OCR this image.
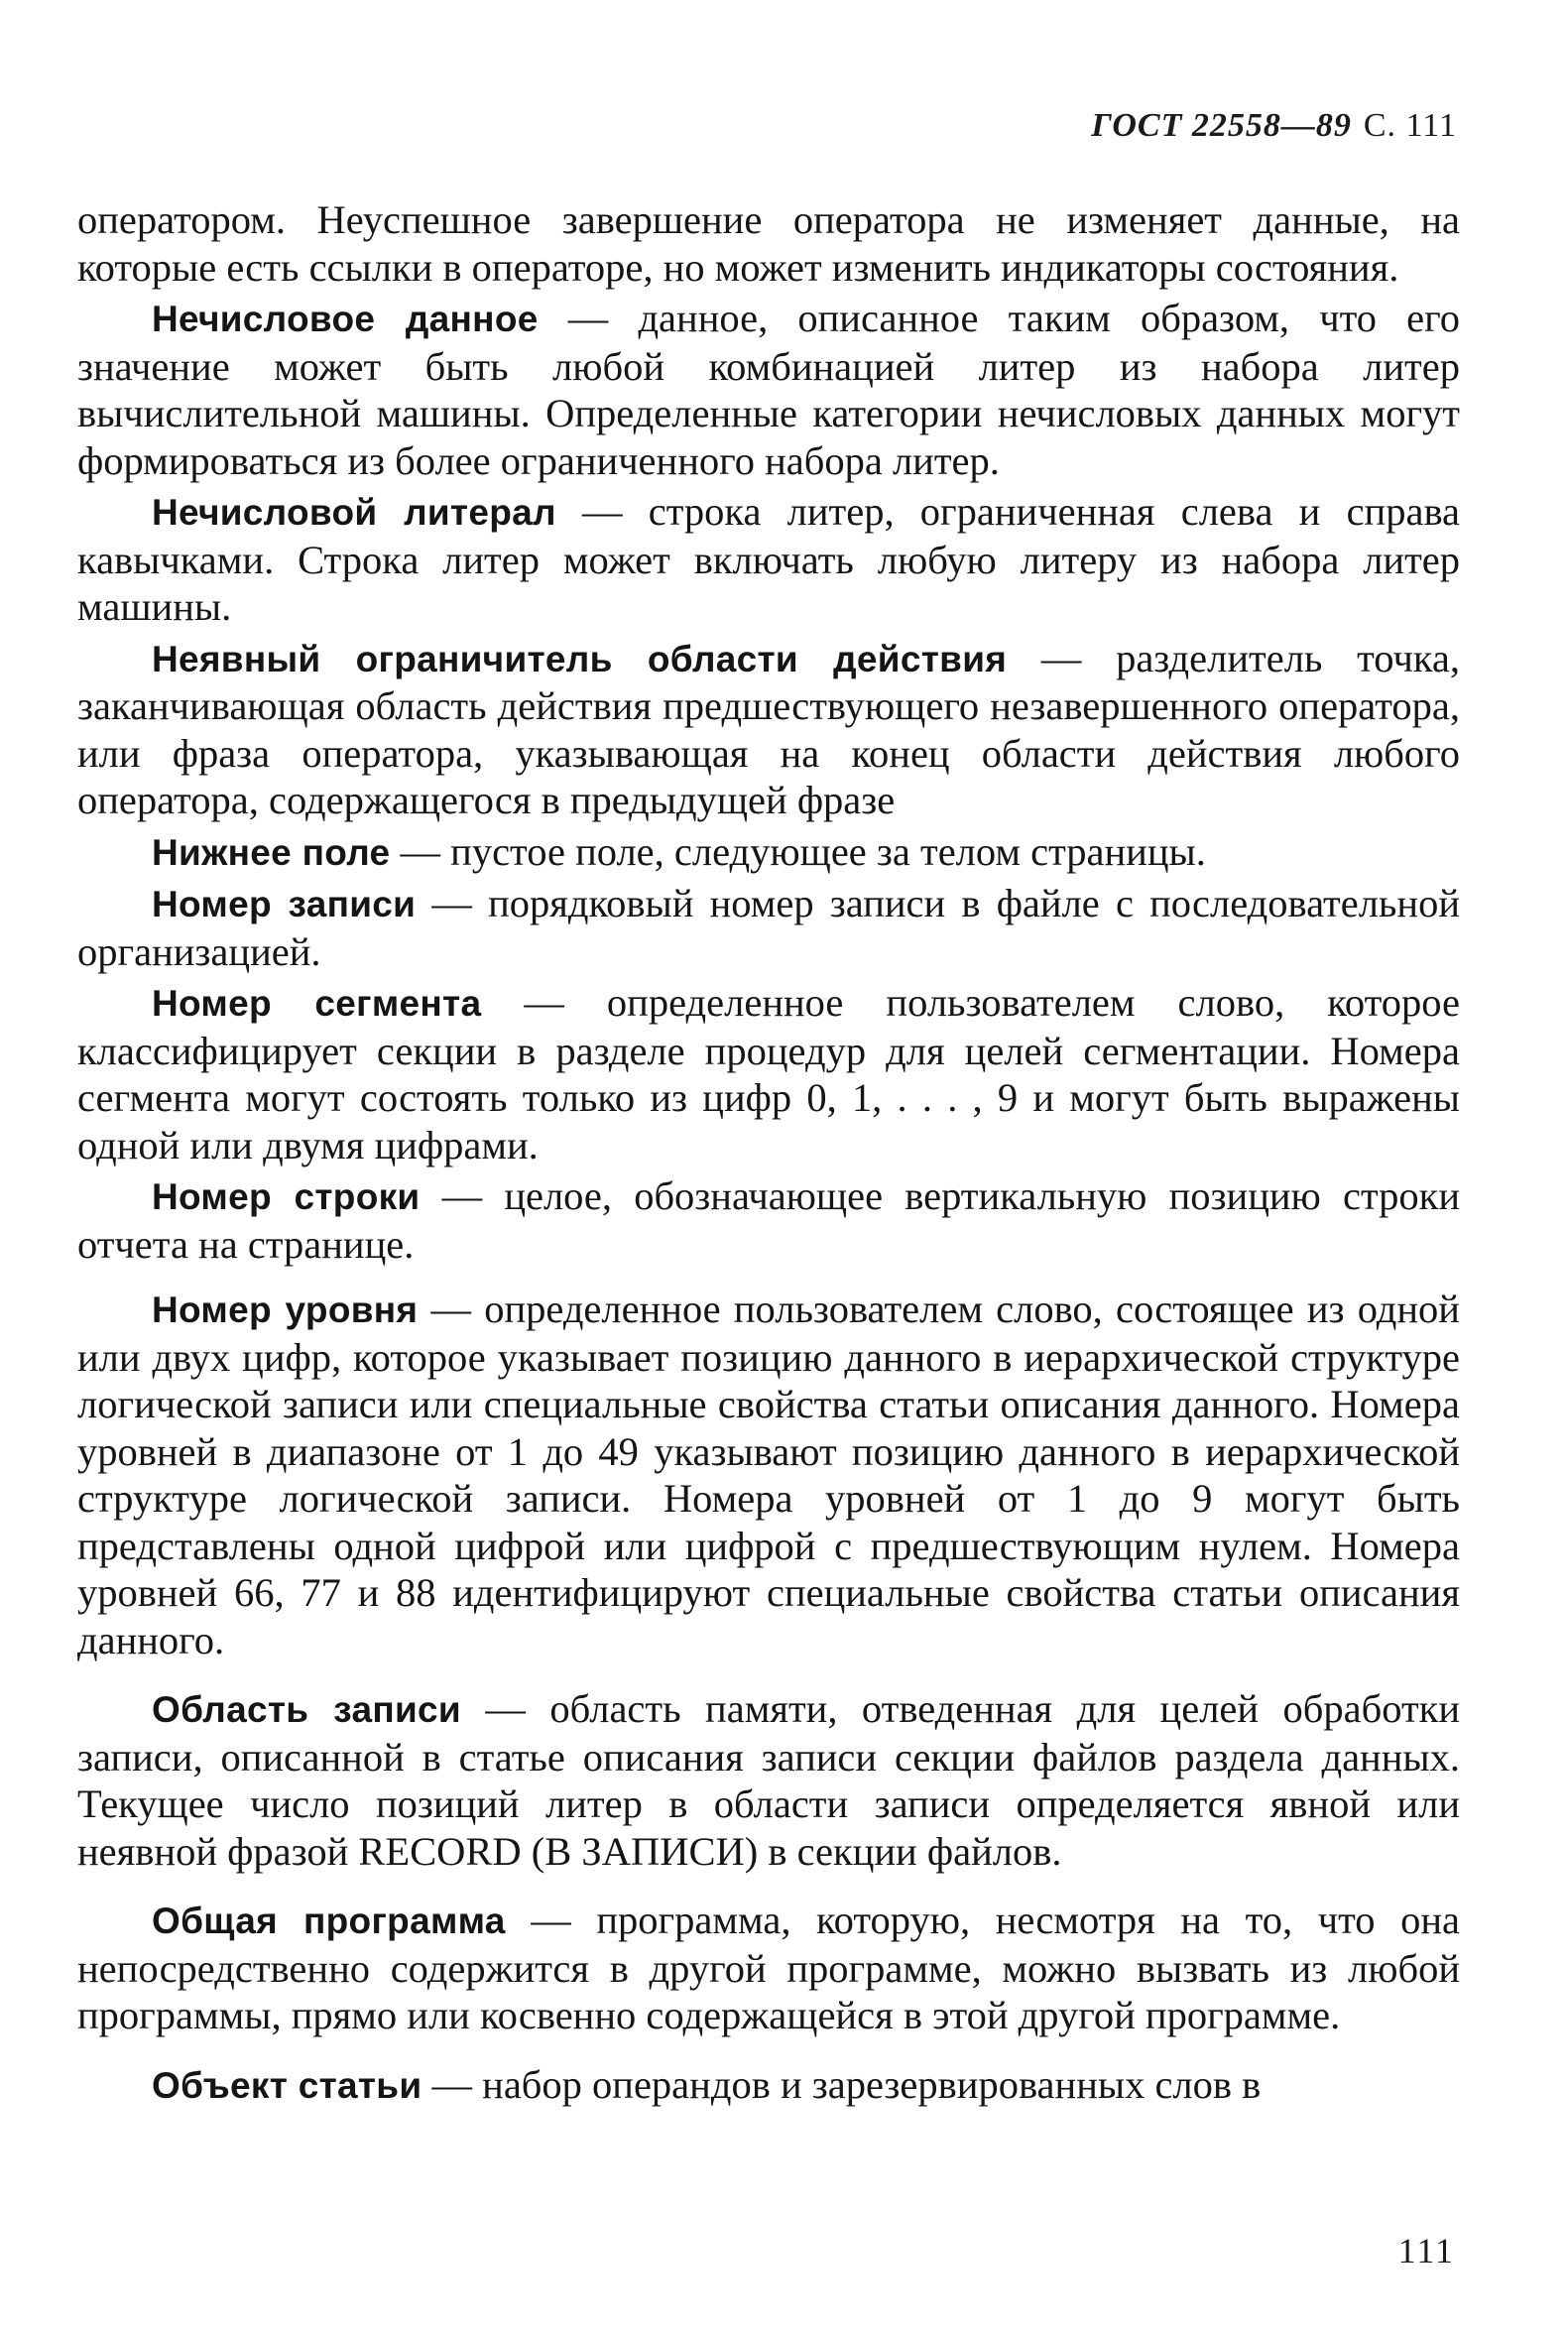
ГОСТ 22558—89 С. 111

оператором. Неуспешное завершение оператора не изменяет данные, на которые есть ссылки в операторе, но может изменить индикаторы состояния.

Нечисловое данное — данное, описанное таким образом, что его значение может быть любой комбинацией литер из набора литер вычислительной машины. Определенные категории нечисловых данных могут формироваться из более ограниченного набора литер.

Нечисловой литерал — строка литер, ограниченная слева и справа кавычками. Строка литер может включать любую литеру из набора литер машины.

Неявный ограничитель области действия — разделитель точка, заканчивающая область действия предшествующего незавершенного оператора, или фраза оператора, указывающая на конец области действия любого оператора, содержащегося в предыдущей фразе

Нижнее поле — пустое поле, следующее за телом страницы.

Номер записи — порядковый номер записи в файле с последовательной организацией.

Номер сегмента — определенное пользователем слово, которое классифицирует секции в разделе процедур для целей сегментации. Номера сегмента могут состоять только из цифр 0, 1, . . . , 9 и могут быть выражены одной или двумя цифрами.

Номер строки — целое, обозначающее вертикальную позицию строки отчета на странице.

Номер уровня — определенное пользователем слово, состоящее из одной или двух цифр, которое указывает позицию данного в иерархической структуре логической записи или специальные свойства статьи описания данного. Номера уровней в диапазоне от 1 до 49 указывают позицию данного в иерархической структуре логической записи. Номера уровней от 1 до 9 могут быть представлены одной цифрой или цифрой с предшествующим нулем. Номера уровней 66, 77 и 88 идентифицируют специальные свойства статьи описания данного.

Область записи — область памяти, отведенная для целей обработки записи, описанной в статье описания записи секции файлов раздела данных. Текущее число позиций литер в области записи определяется явной или неявной фразой RECORD (В ЗАПИСИ) в секции файлов.

Общая программа — программа, которую, несмотря на то, что она непосредственно содержится в другой программе, можно вызвать из любой программы, прямо или косвенно содержащейся в этой другой программе.

Объект статьи — набор операндов и зарезервированных слов в

111
